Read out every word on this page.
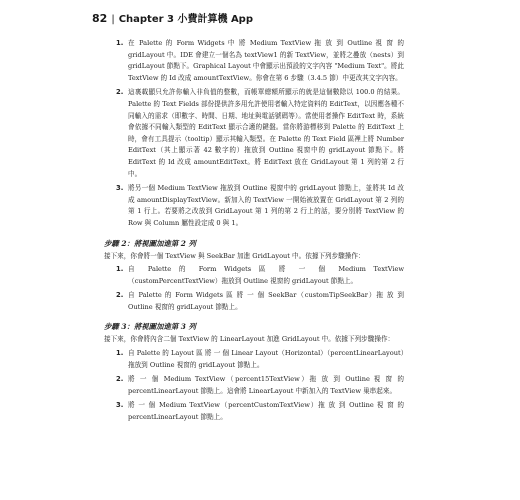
82 | Chapter 3 小費計算機 App
1. 在 Palette 的 Form Widgets 中 將 Medium TextView 拖 放 到 Outline 視 窗 的 gridLayout 中。IDE 會建立一個名為 textView1 的新 TextView，並將之疊放（nests）到 gridLayout 節點下。Graphical Layout 中會顯示出預設的文字內容 "Medium Text"。將此 TextView 的 Id 改成 amountTextView。你會在第 6 步驟（3.4.5 節）中更改其文字內容。
2. 這裏載顯只允許你輸入非負值的整數，而帳單總額所顯示的就是這個數除以 100.0 的結果。Palette 的 Text Fields 部份提供許多用允許使用者輸入特定資料的 EditText，以因應各種不同輸入的需求（即數字、時間、日期、地址與電話號碼等）。當使用者操作 EditText 時，系統會依據不同輸入類型的 EditText 顯示合適的鍵盤。當你將游標移到 Palette 的 EditText 上時，會有工具提示（tooltip）顯示其輸入類型。在 Palette 的 Text Field 區裡上將 Number EditText（其上顯示著 42 數字的）拖放到 Outline 視窗中的 gridLayout 節點下。將 EditText 的 Id 改成 amountEditText。將 EditText 放在 GridLayout 第 1 列的第 2 行中。
3. 將另一個 Medium TextView 拖放到 Outline 視窗中的 gridLayout 節點上，並將其 Id 改成 amountDisplayTextView。新加入的 TextView 一開始被放置在 GridLayout 第 2 列的第 1 行上。若要將之改放到 GridLayout 第 1 列的第 2 行上的話，要分別將 TextView 的 Row 與 Column 屬性設定成 0 與 1。
步驟 2：將視圖加進第 2 列
接下來，你會將一個 TextView 與 SeekBar 加進 GridLayout 中。依據下列步驟操作：
1. 自 Palette 的 Form Widgets 區 將 一 個 Medium TextView（customPercentTextView）拖放到 Outline 視窗的 gridLayout 節點上。
2. 自 Palette 的 Form Widgets 區 將 一 個 SeekBar（customTipSeekBar）拖 放 到 Outline 視窗的 gridLayout 節點上。
步驟 3：將視圖加進第 3 列
接下來，你會將內含二個 TextView 的 LinearLayout 加進 GridLayout 中。依據下列步驟操作：
1. 自 Palette 的 Layout 區 將 一 個 Linear Layout（Horizontal）（percentLinearLayout）拖放到 Outline 視窗的 gridLayout 節點上。
2. 將 一 個 Medium TextView（percent15TextView）拖 放 到 Outline 視 窗 的 percentLinearLayout 節點上。這會將 LinearLayout 中新加入的 TextView 巢串起來。
3. 將 一 個 Medium TextView（percentCustomTextView）拖 放 到 Outline 視 窗 的 percentLinearLayout 節點上。
